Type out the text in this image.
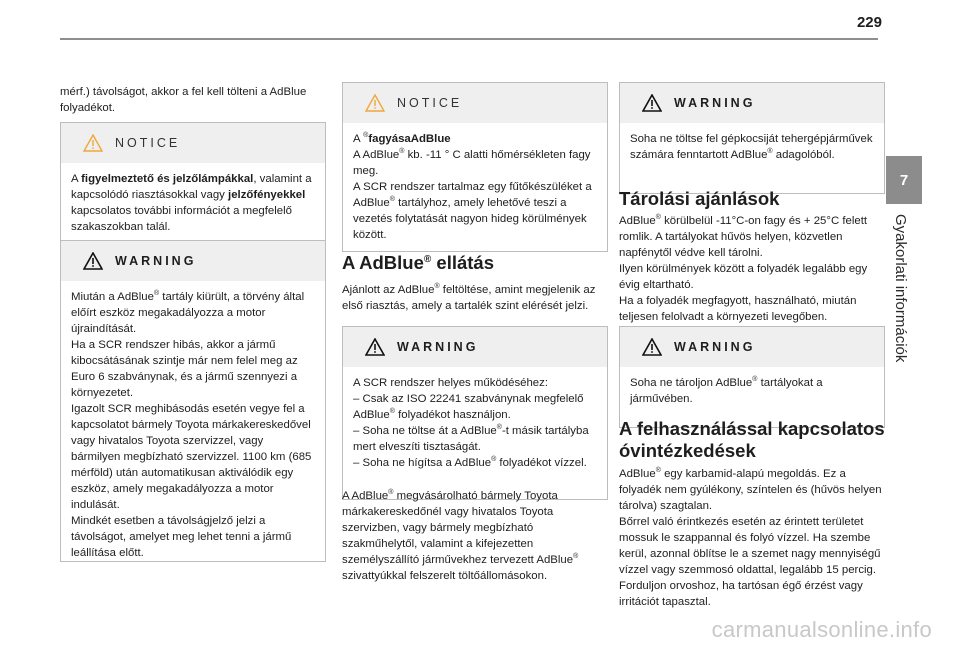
229
7
Gyakorlati információk

mérf.) távolságot, akkor a fel kell tölteni a AdBlue folyadékot.

NOTICE

A figyelmeztető és jelzőlámpákkal, valamint a kapcsolódó riasztásokkal vagy jelzőfényekkel kapcsolatos további információt a megfelelő szakaszokban talál.

WARNING

Miután a AdBlue® tartály kiürült, a törvény által előírt eszköz megakadályozza a motor újraindítását.

Ha a SCR rendszer hibás, akkor a jármű kibocsátásának szintje már nem felel meg az Euro 6 szabványnak, és a jármű szennyezi a környezetet.

Igazolt SCR meghibásodás esetén vegye fel a kapcsolatot bármely Toyota márkakereskedővel vagy hivatalos Toyota szervizzel, vagy bármilyen megbízható szervizzel. 1100 km (685 mérföld) után automatikusan aktiválódik egy eszköz, amely megakadályozza a motor indulását.

Mindkét esetben a távolságjelző jelzi a távolságot, amelyet meg lehet tenni a jármű leállítása előtt.

NOTICE

A ®fagyásaAdBlue

A AdBlue® kb. -11 ° C alatti hőmérsékleten fagy meg.

A SCR rendszer tartalmaz egy fűtőkészüléket a AdBlue® tartályhoz, amely lehetővé teszi a vezetés folytatását nagyon hideg körülmények között.

A AdBlue® ellátás

Ajánlott az AdBlue® feltöltése, amint megjelenik az első riasztás, amely a tartalék szint elérését jelzi.

WARNING

A SCR rendszer helyes működéséhez:

– Csak az ISO 22241 szabványnak megfelelő AdBlue® folyadékot használjon.

– Soha ne töltse át a AdBlue®-t másik tartályba mert elveszíti tisztaságát.

– Soha ne hígítsa a AdBlue® folyadékot vízzel.

A AdBlue® megvásárolható bármely Toyota márkakereskedőnél vagy hivatalos Toyota szervizben, vagy bármely megbízható szakműhelytől, valamint a kifejezetten személyszállító járművekhez tervezett AdBlue® szivattyúkkal felszerelt töltőállomásokon.

WARNING

Soha ne töltse fel gépkocsiját tehergépjárművek számára fenntartott AdBlue® adagolóból.

Tárolási ajánlások

AdBlue® körülbelül -11°C-on fagy és + 25°C felett romlik. A tartályokat hűvös helyen, közvetlen napfénytől védve kell tárolni.

Ilyen körülmények között a folyadék legalább egy évig eltartható.

Ha a folyadék megfagyott, használható, miután teljesen felolvadt a környezeti levegőben.

WARNING

Soha ne tároljon AdBlue® tartályokat a járművében.

A felhasználással kapcsolatos óvintézkedések

AdBlue® egy karbamid-alapú megoldás. Ez a folyadék nem gyúlékony, színtelen és (hűvös helyen tárolva) szagtalan.

Bőrrel való érintkezés esetén az érintett területet mossuk le szappannal és folyó vízzel. Ha szembe kerül, azonnal öblítse le a szemet nagy mennyiségű vízzel vagy szemmosó oldattal, legalább 15 percig. Forduljon orvoshoz, ha tartósan égő érzést vagy irritációt tapasztal.

carmanualsonline.info
